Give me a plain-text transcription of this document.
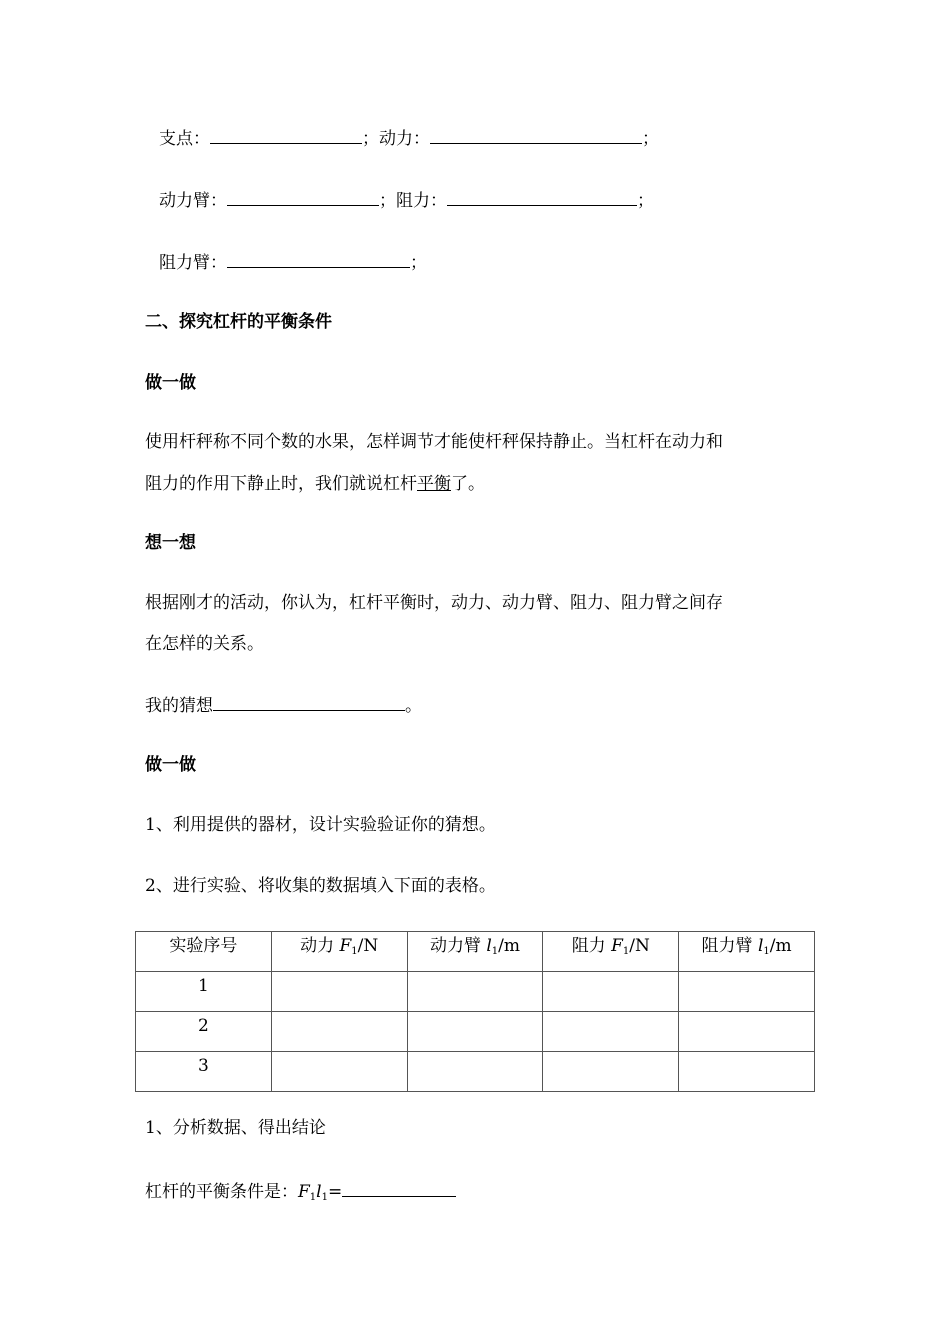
支点：	；动力：	；
动力臂：	；阻力：	；
阻力臂：	；
二、探究杠杆的平衡条件
做一做
使用杆秤称不同个数的水果，怎样调节才能使杆秤保持静止。当杠杆在动力和
阻力的作用下静止时，我们就说杠杆平衡了。
想一想
根据刚才的活动，你认为，杠杆平衡时，动力、动力臂、阻力、阻力臂之间存
在怎样的关系。
我的猜想	。
做一做
1、利用提供的器材，设计实验验证你的猜想。
2、进行实验、将收集的数据填入下面的表格。
实验序号	动力 $F_1/N$	动力臂 $l_1/m$	阻力 $F_1/N$	阻力臂 $l_1/m$
1				
2				
3				
1、分析数据、得出结论
杠杆的平衡条件是：$F_1l_1=$
